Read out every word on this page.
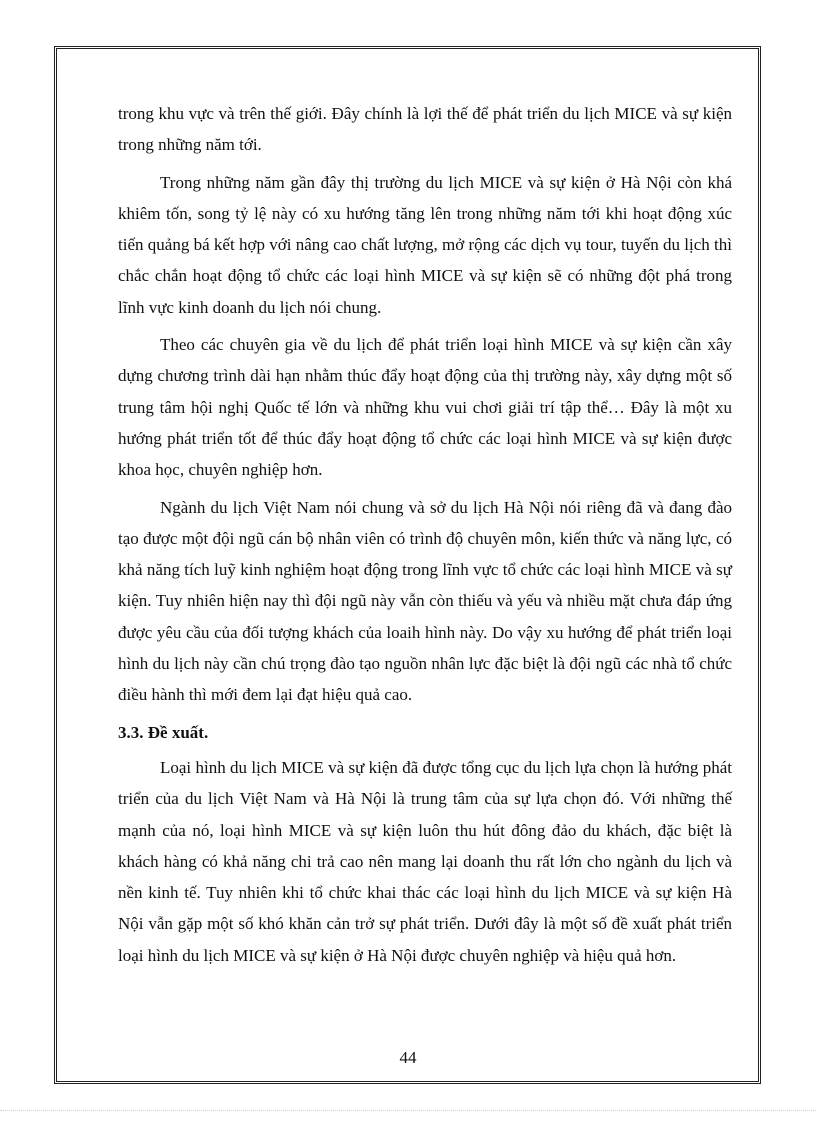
trong khu vực và trên thế giới. Đây chính là lợi thế để phát triển du lịch MICE và sự kiện trong những năm tới.

Trong những năm gần đây thị trường du lịch MICE và sự kiện ở Hà Nội còn khá khiêm tốn, song tỷ lệ này có xu hướng tăng lên trong những năm tới khi hoạt động xúc tiến quảng bá kết hợp với nâng cao chất lượng, mở rộng các dịch vụ tour, tuyến du lịch thì chắc chắn hoạt động tổ chức các loại hình MICE và sự kiện sẽ có những đột phá trong lĩnh vực kinh doanh du lịch nói chung.

Theo các chuyên gia về du lịch để phát triển loại hình MICE và sự kiện cần xây dựng chương trình dài hạn nhằm thúc đẩy hoạt động của thị trường này, xây dựng một số trung tâm hội nghị Quốc tế lớn và những khu vui chơi giải trí tập thể… Đây là một xu hướng phát triển tốt để thúc đẩy hoạt động tổ chức các loại hình MICE và sự kiện được khoa học, chuyên nghiệp hơn.

Ngành du lịch Việt Nam nói chung và sở du lịch Hà Nội nói riêng đã và đang đào tạo được một đội ngũ cán bộ nhân viên có trình độ chuyên môn, kiến thức và năng lực, có khả năng tích luỹ kinh nghiệm hoạt động trong lĩnh vực tổ chức các loại hình MICE và sự kiện. Tuy nhiên hiện nay thì đội ngũ này vẫn còn thiếu và yếu và nhiều mặt chưa đáp ứng được yêu cầu của đối tượng khách của loaih hình này. Do vậy xu hướng để phát triển loại hình du lịch này cần chú trọng đào tạo nguồn nhân lực đặc biệt là đội ngũ các nhà tổ chức điều hành thì mới đem lại đạt hiệu quả cao.

3.3. Đề xuất.

Loại hình du lịch MICE và sự kiện đã được tổng cục du lịch lựa chọn là hướng phát triển của du lịch Việt Nam và Hà Nội là trung tâm của sự lựa chọn đó. Với những thế mạnh của nó, loại hình MICE và sự kiện luôn thu hút đông đảo du khách, đặc biệt là khách hàng có khả năng chi trả cao nên mang lại doanh thu rất lớn cho ngành du lịch và nền kinh tế. Tuy nhiên khi tổ chức khai thác các loại hình du lịch MICE và sự kiện Hà Nội vẫn gặp một số khó khăn cản trở sự phát triển. Dưới đây là một số đề xuất phát triển loại hình du lịch MICE và sự kiện ở Hà Nội được chuyên nghiệp và hiệu quả hơn.

44
